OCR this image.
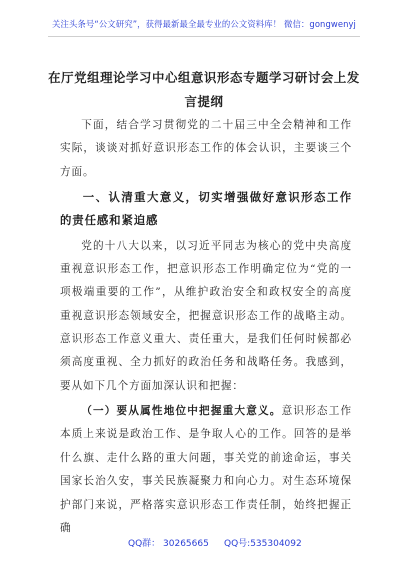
关注头条号“公文研究”，获得最新最全最专业的公文资料库！ 微信：gongwenyj
在厅党组理论学习中心组意识形态专题学习研讨会上发言提纲

下面，结合学习贯彻党的二十届三中全会精神和工作实际，谈谈对抓好意识形态工作的体会认识，主要谈三个方面。

一、认清重大意义，切实增强做好意识形态工作的责任感和紧迫感

党的十八大以来，以习近平同志为核心的党中央高度重视意识形态工作，把意识形态工作明确定位为“党的一项极端重要的工作”，从维护政治安全和政权安全的高度重视意识形态领域安全，把握意识形态工作的战略主动。意识形态工作意义重大、责任重大，是我们任何时候都必须高度重视、全力抓好的政治任务和战略任务。我感到，要从如下几个方面加深认识和把握：

（一）要从属性地位中把握重大意义。意识形态工作本质上来说是政治工作、是争取人心的工作。回答的是举什么旗、走什么路的重大问题，事关党的前途命运，事关国家长治久安，事关民族凝聚力和向心力。对生态环境保护部门来说，严格落实意识形态工作责任制，始终把握正确

QQ群： 30265665 QQ号:535304092
